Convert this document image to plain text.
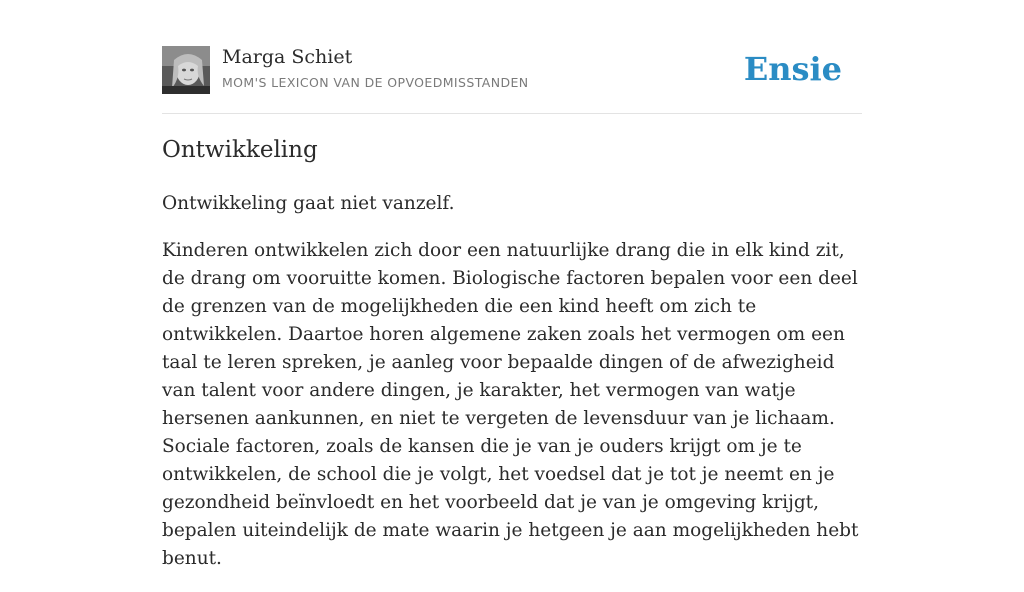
Marga Schiet
MOM'S LEXICON VAN DE OPVOEDMISSTANDEN	Ensie
Ontwikkeling

Ontwikkeling gaat niet vanzelf.

Kinderen ontwikkelen zich door een natuurlijke drang die in elk kind zit, de drang om vooruitte komen. Biologische factoren bepalen voor een deel de grenzen van de mogelijkheden die een kind heeft om zich te ontwikkelen. Daartoe horen algemene zaken zoals het vermogen om een taal te leren spreken, je aanleg voor bepaalde dingen of de afwezigheid van talent voor andere dingen, je karakter, het vermogen van watje hersenen aankunnen, en niet te vergeten de levensduur van je lichaam. Sociale factoren, zoals de kansen die je van je ouders krijgt om je te ontwikkelen, de school die je volgt, het voedsel dat je tot je neemt en je gezondheid beïnvloedt en het voorbeeld dat je van je omgeving krijgt, bepalen uiteindelijk de mate waarin je hetgeen je aan mogelijkheden hebt benut.
